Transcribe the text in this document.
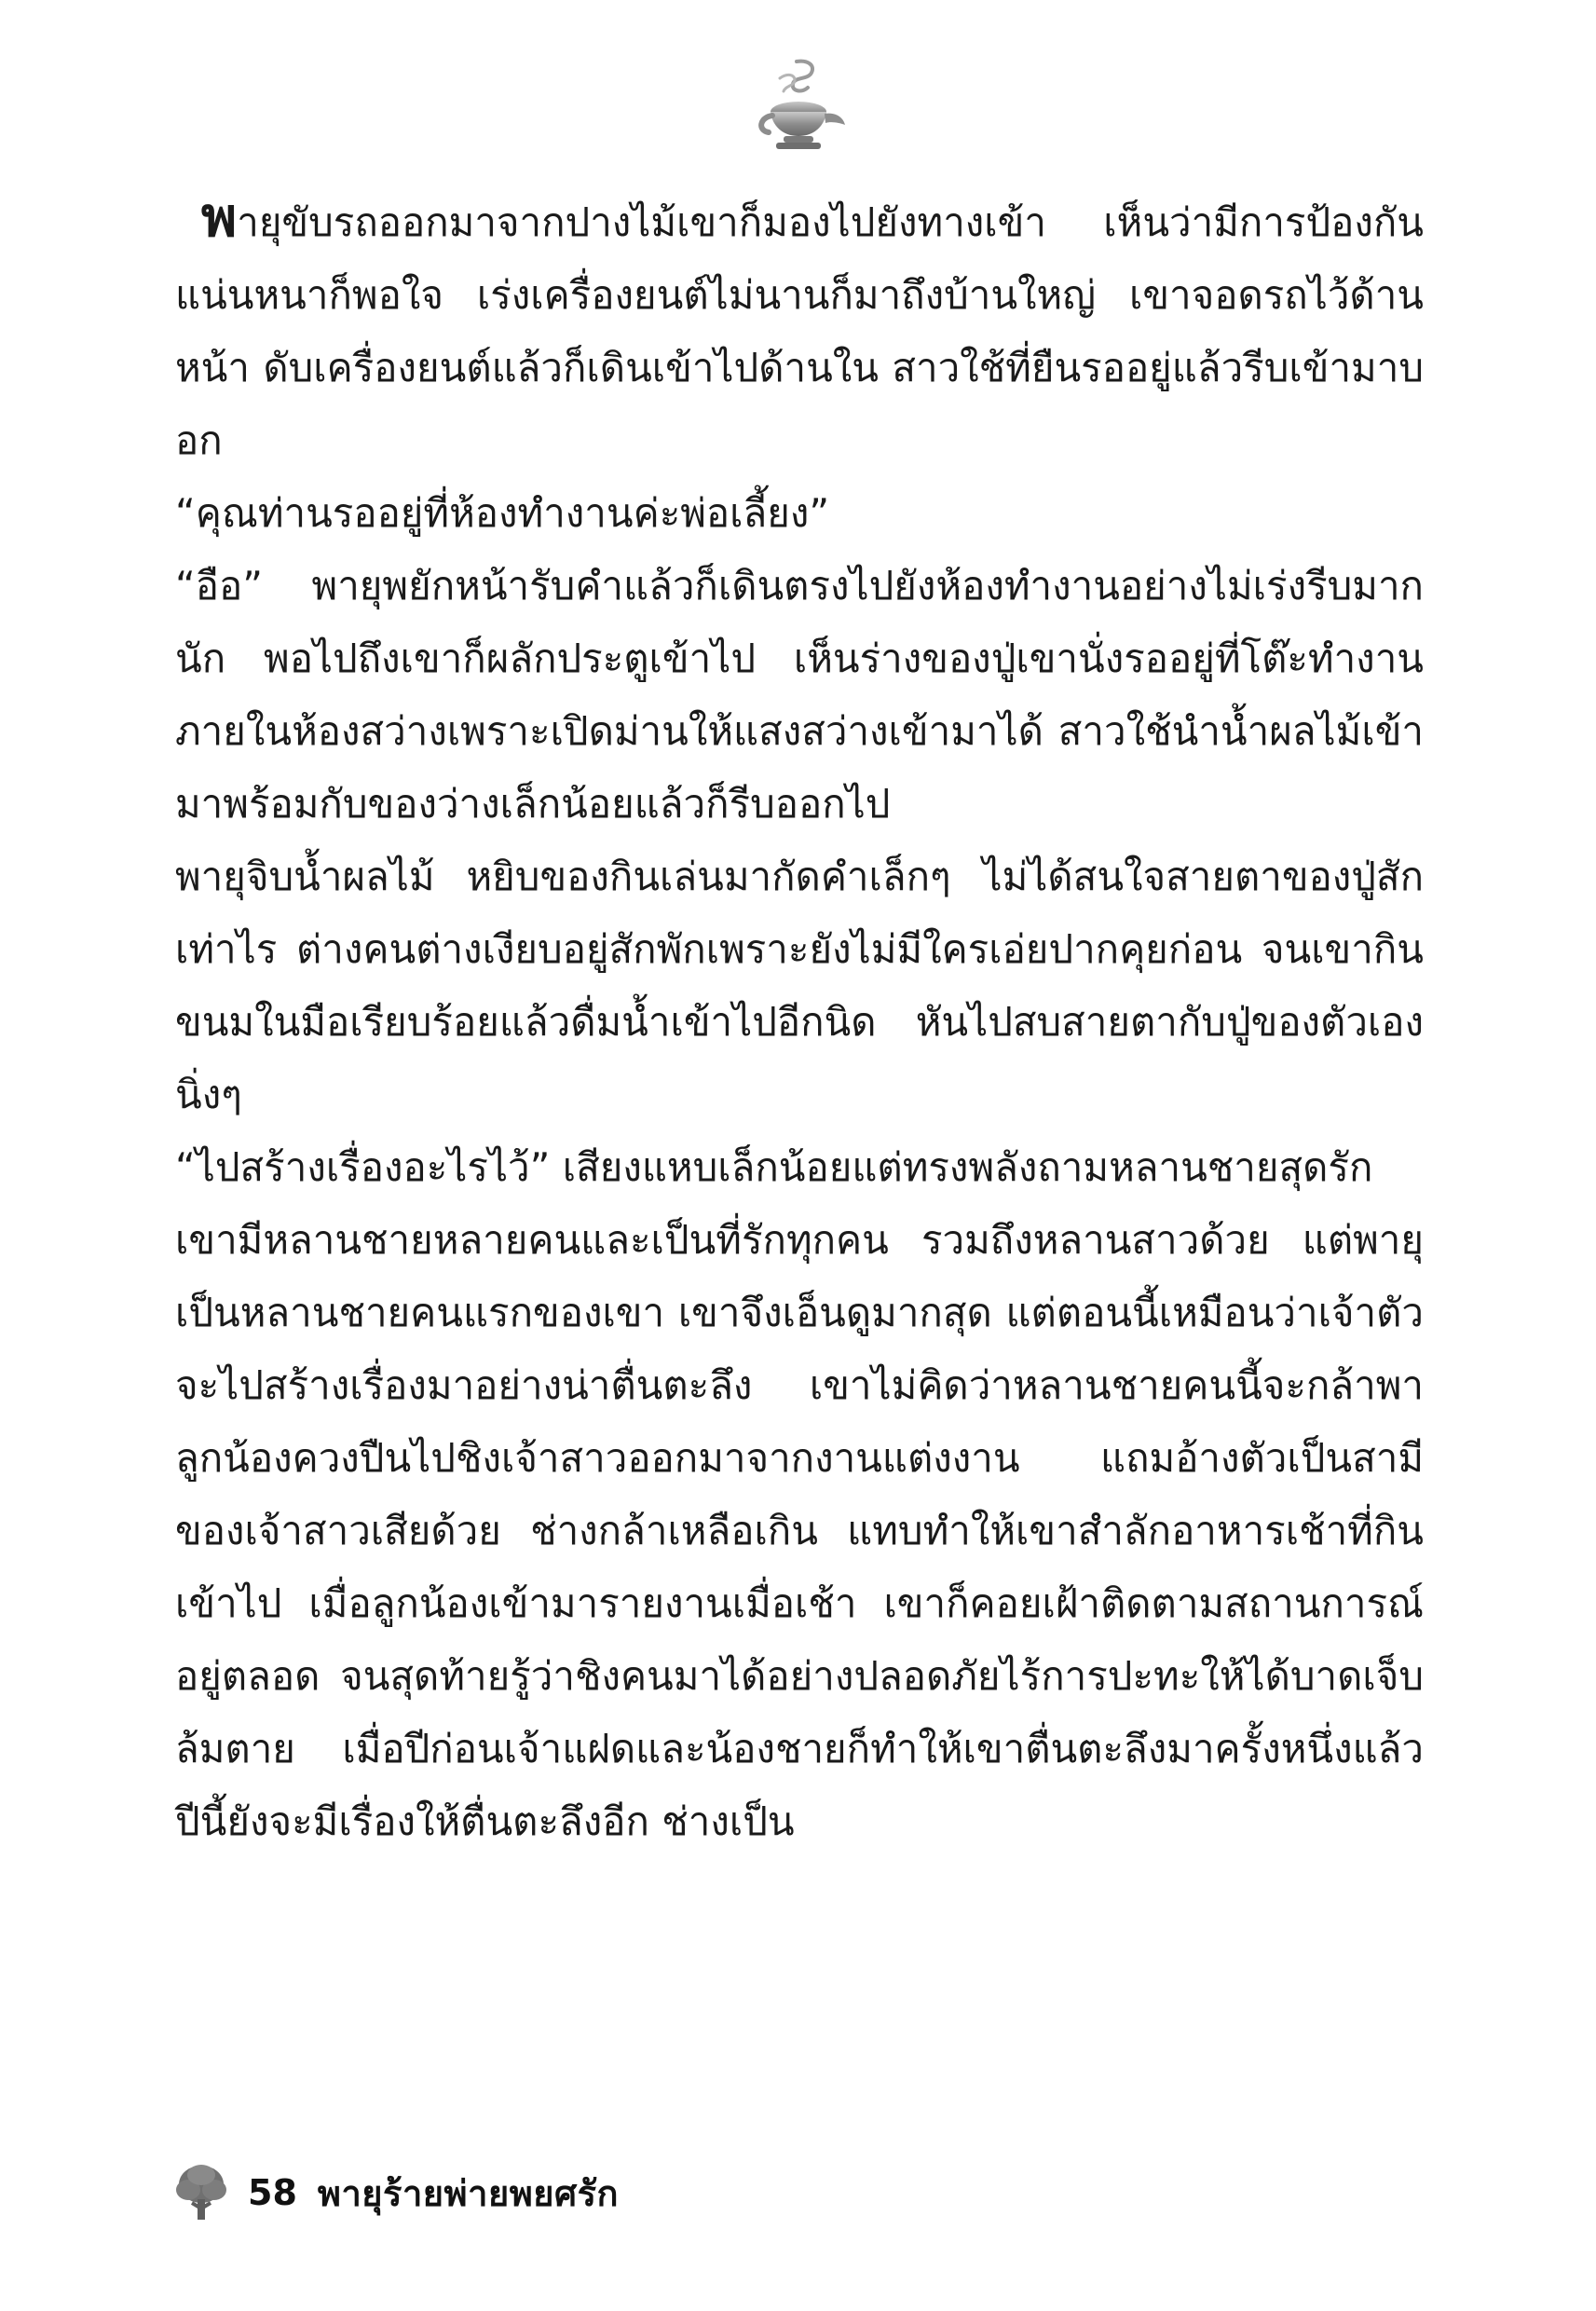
พายุขับรถออกมาจากปางไม้เขาก็มองไปยังทางเข้า เห็นว่ามีการป้องกันแน่นหนาก็พอใจ เร่งเครื่องยนต์ไม่นานก็มาถึงบ้านใหญ่ เขาจอดรถไว้ด้านหน้า ดับเครื่องยนต์แล้วก็เดินเข้าไปด้านใน สาวใช้ที่ยืนรออยู่แล้วรีบเข้ามาบอก

“คุณท่านรออยู่ที่ห้องทำงานค่ะพ่อเลี้ยง”

“อือ” พายุพยักหน้ารับคำแล้วก็เดินตรงไปยังห้องทำงานอย่างไม่เร่งรีบมากนัก พอไปถึงเขาก็ผลักประตูเข้าไป เห็นร่างของปู่เขานั่งรออยู่ที่โต๊ะทำงาน ภายในห้องสว่างเพราะเปิดม่านให้แสงสว่างเข้ามาได้ สาวใช้นำน้ำผลไม้เข้ามาพร้อมกับของว่างเล็กน้อยแล้วก็รีบออกไป

พายุจิบน้ำผลไม้ หยิบของกินเล่นมากัดคำเล็กๆ ไม่ได้สนใจสายตาของปู่สักเท่าไร ต่างคนต่างเงียบอยู่สักพักเพราะยังไม่มีใครเอ่ยปากคุยก่อน จนเขากินขนมในมือเรียบร้อยแล้วดื่มน้ำเข้าไปอีกนิด หันไปสบสายตากับปู่ของตัวเองนิ่งๆ

“ไปสร้างเรื่องอะไรไว้” เสียงแหบเล็กน้อยแต่ทรงพลังถามหลานชายสุดรัก

เขามีหลานชายหลายคนและเป็นที่รักทุกคน รวมถึงหลานสาวด้วย แต่พายุเป็นหลานชายคนแรกของเขา เขาจึงเอ็นดูมากสุด แต่ตอนนี้เหมือนว่าเจ้าตัวจะไปสร้างเรื่องมาอย่างน่าตื่นตะลึง เขาไม่คิดว่าหลานชายคนนี้จะกล้าพาลูกน้องควงปืนไปชิงเจ้าสาวออกมาจากงานแต่งงาน แถมอ้างตัวเป็นสามีของเจ้าสาวเสียด้วย ช่างกล้าเหลือเกิน แทบทำให้เขาสำลักอาหารเช้าที่กินเข้าไป เมื่อลูกน้องเข้ามารายงานเมื่อเช้า เขาก็คอยเฝ้าติดตามสถานการณ์อยู่ตลอด จนสุดท้ายรู้ว่าชิงคนมาได้อย่างปลอดภัยไร้การปะทะให้ได้บาดเจ็บล้มตาย เมื่อปีก่อนเจ้าแฝดและน้องชายก็ทำให้เขาตื่นตะลึงมาครั้งหนึ่งแล้ว ปีนี้ยังจะมีเรื่องให้ตื่นตะลึงอีก ช่างเป็น

58 พายุร้ายพ่ายพยศรัก
